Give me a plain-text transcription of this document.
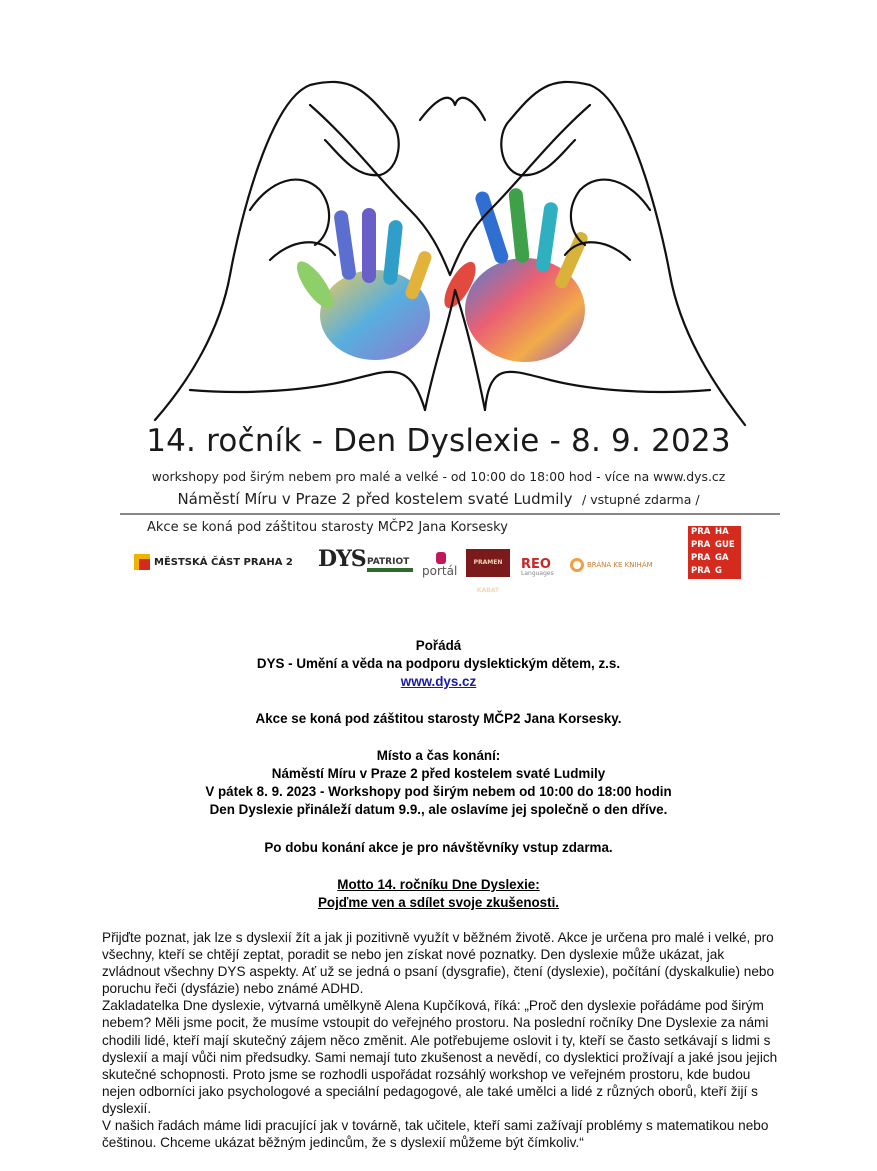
14. ročník - Den Dyslexie - 8. 9. 2023
workshopy pod širým nebem pro malé a velké - od 10:00 do 18:00 hod - více na www.dys.cz
Náměstí Míru v Praze 2 před kostelem svaté Ludmily / vstupné zdarma /
Akce se koná pod záštitou starosty MČP2 Jana Korsesky
MĚSTSKÁ ČÁST PRAHA 2 DYS PATRIOT
portál
PRAMEN KABAT
REO
Languages
BRÁNA KE KNIHÁM
PRA HA
PRA GUE
PRA GA
PRA G
Pořádá
DYS - Umění a věda na podporu dyslektickým dětem, z.s.
www.dys.cz
Akce se koná pod záštitou starosty MČP2 Jana Korsesky.
Místo a čas konání:
Náměstí Míru v Praze 2 před kostelem svaté Ludmily
V pátek 8. 9. 2023 - Workshopy pod širým nebem od 10:00 do 18:00 hodin
Den Dyslexie přináleží datum 9.9., ale oslavíme jej společně o den dříve.
Po dobu konání akce je pro návštěvníky vstup zdarma.
Motto 14. ročníku Dne Dyslexie:
Pojďme ven a sdílet svoje zkušenosti.

Přijďte poznat, jak lze s dyslexií žít a jak ji pozitivně využít v běžném životě. Akce je určena pro malé i velké, pro všechny, kteří se chtějí zeptat, poradit se nebo jen získat nové poznatky. Den dyslexie může ukázat, jak zvládnout všechny DYS aspekty. Ať už se jedná o psaní (dysgrafie), čtení (dyslexie), počítání (dyskalkulie) nebo poruchu řeči (dysfázie) nebo známé ADHD.

Zakladatelka Dne dyslexie, výtvarná umělkyně Alena Kupčíková, říká: „Proč den dyslexie pořádáme pod širým nebem? Měli jsme pocit, že musíme vstoupit do veřejného prostoru. Na poslední ročníky Dne Dyslexie za námi chodili lidé, kteří mají skutečný zájem něco změnit. Ale potřebujeme oslovit i ty, kteří se často setkávají s lidmi s dyslexií a mají vůči nim předsudky. Sami nemají tuto zkušenost a nevědí, co dyslektici prožívají a jaké jsou jejich skutečné schopnosti. Proto jsme se rozhodli uspořádat rozsáhlý workshop ve veřejném prostoru, kde budou nejen odborníci jako psychologové a speciální pedagogové, ale také umělci a lidé z různých oborů, kteří žijí s dyslexií.

V našich řadách máme lidi pracující jak v továrně, tak učitele, kteří sami zažívají problémy s matematikou nebo češtinou. Chceme ukázat běžným jedincům, že s dyslexií můžeme být čímkoliv.“
